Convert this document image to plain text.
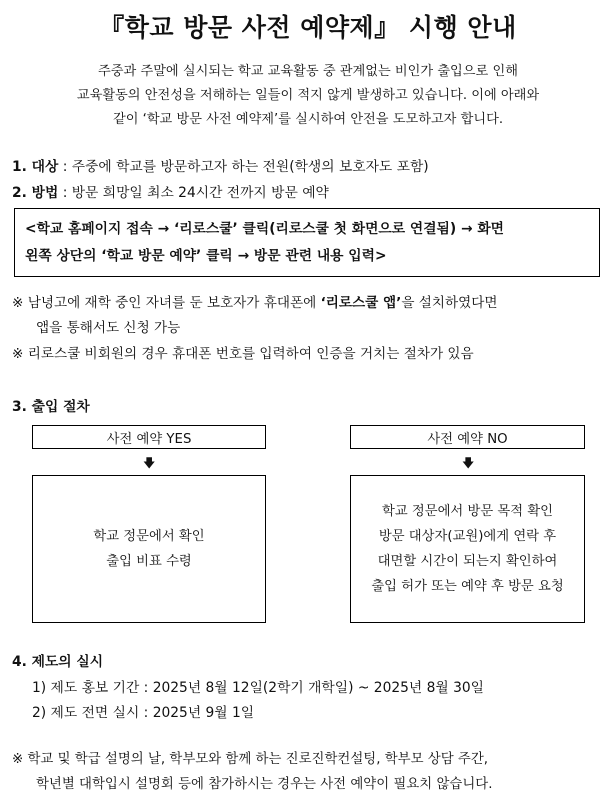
『학교 방문 사전 예약제』 시행 안내
주중과 주말에 실시되는 학교 교육활동 중 관계없는 비인가 출입으로 인해
교육활동의 안전성을 저해하는 일들이 적지 않게 발생하고 있습니다. 이에 아래와
같이 ‘학교 방문 사전 예약제’를 실시하여 안전을 도모하고자 합니다.
1. 대상 : 주중에 학교를 방문하고자 하는 전원(학생의 보호자도 포함)
2. 방법 : 방문 희망일 최소 24시간 전까지 방문 예약
<학교 홈페이지 접속 → ‘리로스쿨’ 클릭(리로스쿨 첫 화면으로 연결됨) → 화면
왼쪽 상단의 ‘학교 방문 예약’ 클릭 → 방문 관련 내용 입력>
※ 남녕고에 재학 중인 자녀를 둔 보호자가 휴대폰에 ‘리로스쿨 앱’을 설치하였다면
앱을 통해서도 신청 가능
※ 리로스쿨 비회원의 경우 휴대폰 번호를 입력하여 인증을 거치는 절차가 있음
3. 출입 절차
사전 예약 YES	사전 예약 NO
🡇	🡇
학교 정문에서 확인
출입 비표 수령
학교 정문에서 방문 목적 확인
방문 대상자(교원)에게 연락 후
대면할 시간이 되는지 확인하여
출입 허가 또는 예약 후 방문 요청
4. 제도의 실시
1) 제도 홍보 기간 : 2025년 8월 12일(2학기 개학일) ~ 2025년 8월 30일
2) 제도 전면 실시 : 2025년 9월 1일
※ 학교 및 학급 설명의 날, 학부모와 함께 하는 진로진학컨설팅, 학부모 상담 주간,
학년별 대학입시 설명회 등에 참가하시는 경우는 사전 예약이 필요치 않습니다.
